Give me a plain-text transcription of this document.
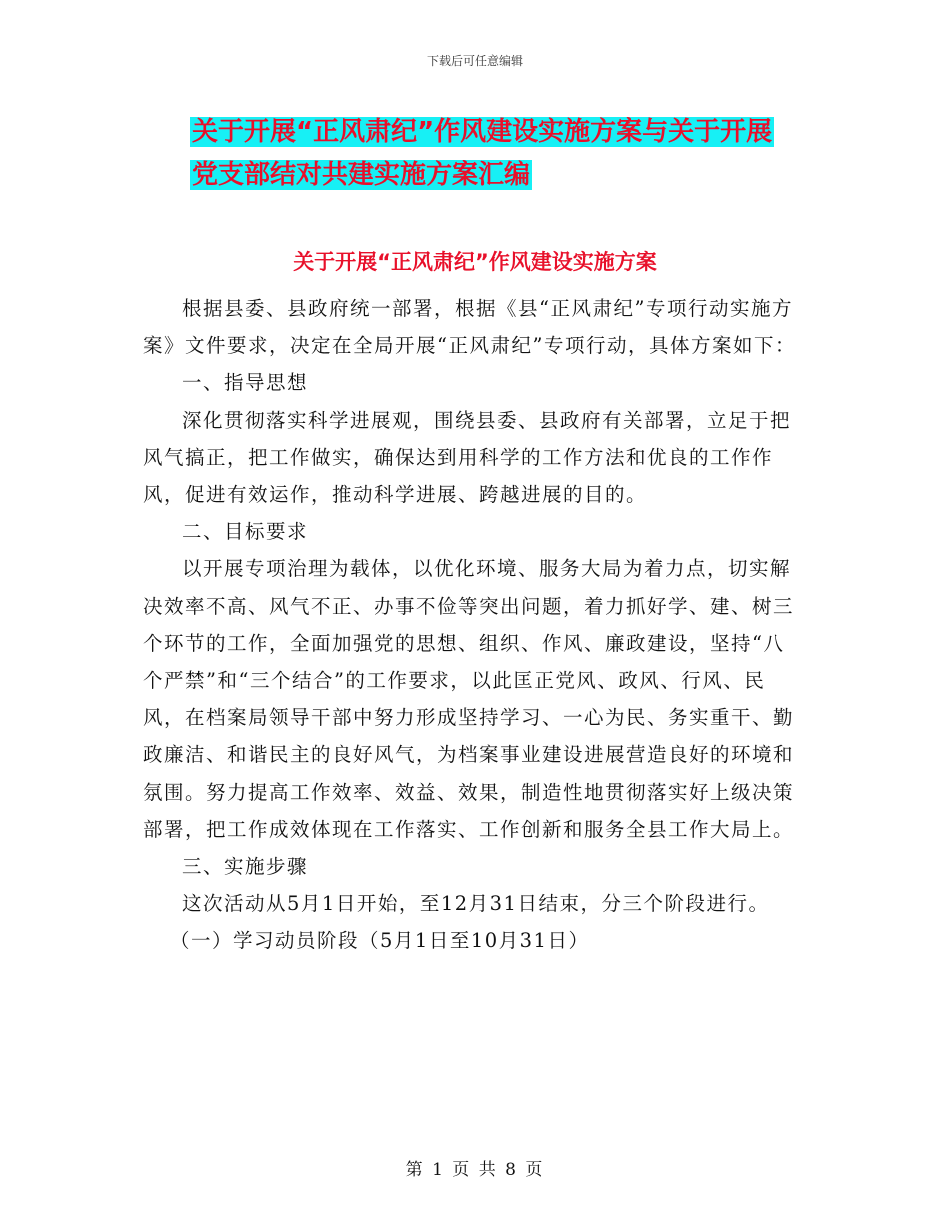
下载后可任意编辑
关于开展“正风肃纪”作风建设实施方案与关于开展
党支部结对共建实施方案汇编
关于开展“正风肃纪”作风建设实施方案

根据县委、县政府统一部署，根据《县“正风肃纪”专项行动实施方案》文件要求，决定在全局开展“正风肃纪”专项行动，具体方案如下：

一、指导思想

深化贯彻落实科学进展观，围绕县委、县政府有关部署，立足于把风气搞正，把工作做实，确保达到用科学的工作方法和优良的工作作风，促进有效运作，推动科学进展、跨越进展的目的。

二、目标要求

以开展专项治理为载体，以优化环境、服务大局为着力点，切实解决效率不高、风气不正、办事不俭等突出问题，着力抓好学、建、树三个环节的工作，全面加强党的思想、组织、作风、廉政建设，坚持“八个严禁”和“三个结合”的工作要求，以此匡正党风、政风、行风、民风，在档案局领导干部中努力形成坚持学习、一心为民、务实重干、勤政廉洁、和谐民主的良好风气，为档案事业建设进展营造良好的环境和氛围。努力提高工作效率、效益、效果，制造性地贯彻落实好上级决策部署，把工作成效体现在工作落实、工作创新和服务全县工作大局上。

三、实施步骤

这次活动从5月1日开始，至12月31日结束，分三个阶段进行。

（一）学习动员阶段（5月1日至10月31日）

第 1 页 共 8 页
